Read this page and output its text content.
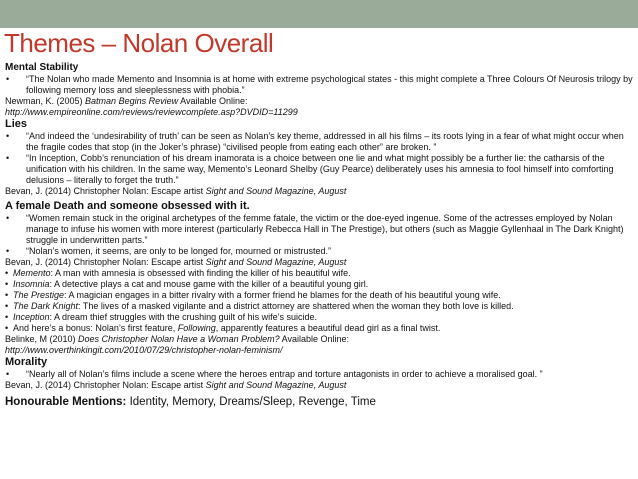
Themes – Nolan Overall
Mental Stability
• “The Nolan who made Memento and Insomnia is at home with extreme psychological states - this might complete a Three Colours Of Neurosis trilogy by following memory loss and sleeplessness with phobia.”
Newman, K. (2005) Batman Begins Review Available Online:
http://www.empireonline.com/reviews/reviewcomplete.asp?DVDID=11299
Lies
• “And indeed the ‘undesirability of truth’ can be seen as Nolan’s key theme, addressed in all his films – its roots lying in a fear of what might occur when the fragile codes that stop (in the Joker’s phrase) “civilised people from eating each other” are broken. ”
• “In Inception, Cobb’s renunciation of his dream inamorata is a choice between one lie and what might possibly be a further lie: the catharsis of the unification with his children. In the same way, Memento’s Leonard Shelby (Guy Pearce) deliberately uses his amnesia to fool himself into comforting delusions – literally to forget the truth.”
Bevan, J. (2014) Christopher Nolan: Escape artist Sight and Sound Magazine, August
A female Death and someone obsessed with it.
• “Women remain stuck in the original archetypes of the femme fatale, the victim or the doe-eyed ingenue. Some of the actresses employed by Nolan manage to infuse his women with more interest (particularly Rebecca Hall in The Prestige), but others (such as Maggie Gyllenhaal in The Dark Knight) struggle in underwritten parts.”
• “Nolan’s women, it seems, are only to be longed for, mourned or mistrusted.”
Bevan, J. (2014) Christopher Nolan: Escape artist Sight and Sound Magazine, August
• Memento: A man with amnesia is obsessed with finding the killer of his beautiful wife.
• Insomnia: A detective plays a cat and mouse game with the killer of a beautiful young girl.
• The Prestige: A magician engages in a bitter rivalry with a former friend he blames for the death of his beautiful young wife.
• The Dark Knight: The lives of a masked vigilante and a district attorney are shattered when the woman they both love is killed.
• Inception: A dream thief struggles with the crushing guilt of his wife’s suicide.
• And here’s a bonus: Nolan’s first feature, Following, apparently features a beautiful dead girl as a final twist.
Belinke, M (2010) Does Christopher Nolan Have a Woman Problem? Available Online:
http://www.overthinkingit.com/2010/07/29/christopher-nolan-feminism/
Morality
• “Nearly all of Nolan’s films include a scene where the heroes entrap and torture antagonists in order to achieve a moralised goal. ”
Bevan, J. (2014) Christopher Nolan: Escape artist Sight and Sound Magazine, August
Honourable Mentions: Identity, Memory, Dreams/Sleep, Revenge, Time
